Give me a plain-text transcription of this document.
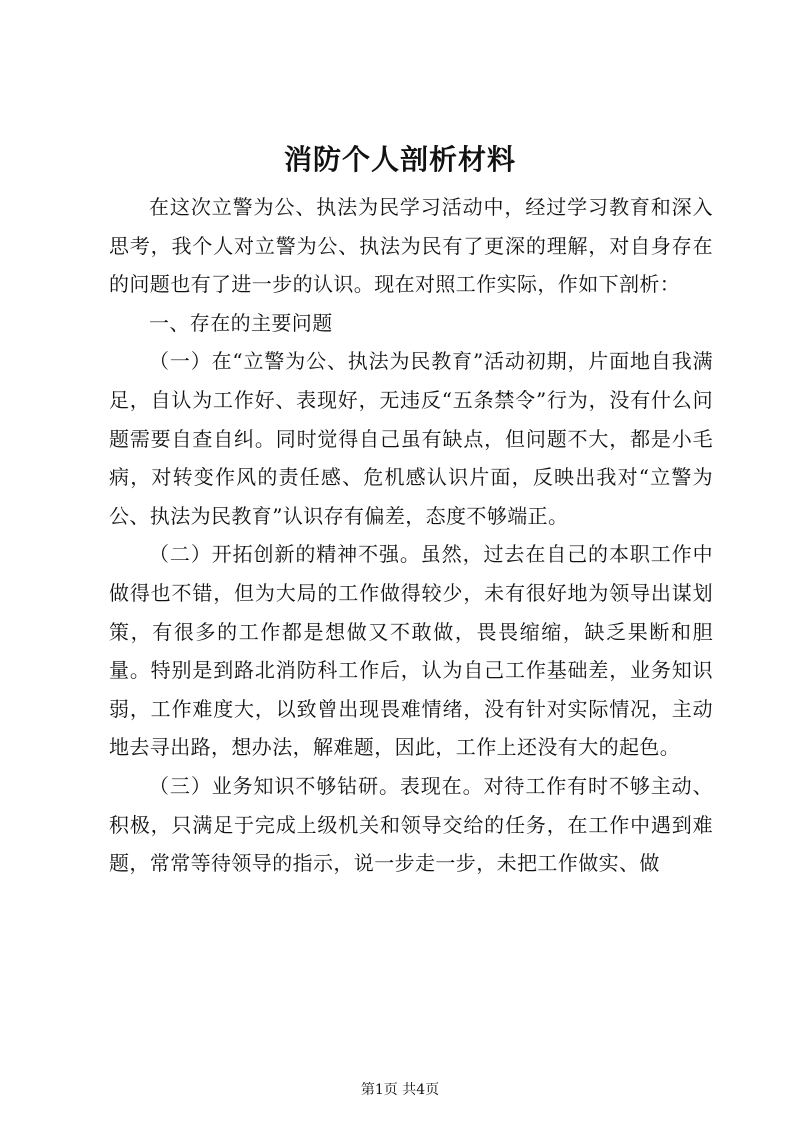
消防个人剖析材料

在这次立警为公、执法为民学习活动中，经过学习教育和深入思考，我个人对立警为公、执法为民有了更深的理解，对自身存在的问题也有了进一步的认识。现在对照工作实际，作如下剖析：

一、存在的主要问题

（一）在“立警为公、执法为民教育”活动初期，片面地自我满足，自认为工作好、表现好，无违反“五条禁令”行为，没有什么问题需要自查自纠。同时觉得自己虽有缺点，但问题不大，都是小毛病，对转变作风的责任感、危机感认识片面，反映出我对“立警为公、执法为民教育”认识存有偏差，态度不够端正。

（二）开拓创新的精神不强。虽然，过去在自己的本职工作中做得也不错，但为大局的工作做得较少，未有很好地为领导出谋划策，有很多的工作都是想做又不敢做，畏畏缩缩，缺乏果断和胆量。特别是到路北消防科工作后，认为自己工作基础差，业务知识弱，工作难度大，以致曾出现畏难情绪，没有针对实际情况，主动地去寻出路，想办法，解难题，因此，工作上还没有大的起色。

（三）业务知识不够钻研。表现在。对待工作有时不够主动、积极，只满足于完成上级机关和领导交给的任务，在工作中遇到难题，常常等待领导的指示，说一步走一步，未把工作做实、做

第1页 共4页
